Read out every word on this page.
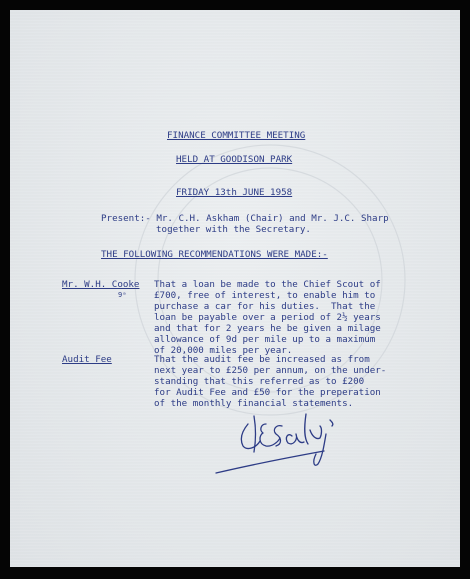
FINANCE COMMITTEE MEETING
HELD AT GOODISON PARK
FRIDAY 13th JUNE 1958
Present:- Mr. C.H. Askham (Chair) and Mr. J.C. Sharp
together with the Secretary.
THE FOLLOWING RECOMMENDATIONS WERE MADE:-
Mr. W.H. Cooke
9ᵃ
That a loan be made to the Chief Scout of
£700, free of interest, to enable him to
purchase a car for his duties.  That the
loan be payable over a period of 2½ years
and that for 2 years he be given a milage
allowance of 9d per mile up to a maximum
of 20,000 miles per year.
Audit Fee	That the audit fee be increased as from
next year to £250 per annum, on the under-
standing that this referred as to £200
for Audit Fee and £50 for the preperation
of the monthly financial statements.
